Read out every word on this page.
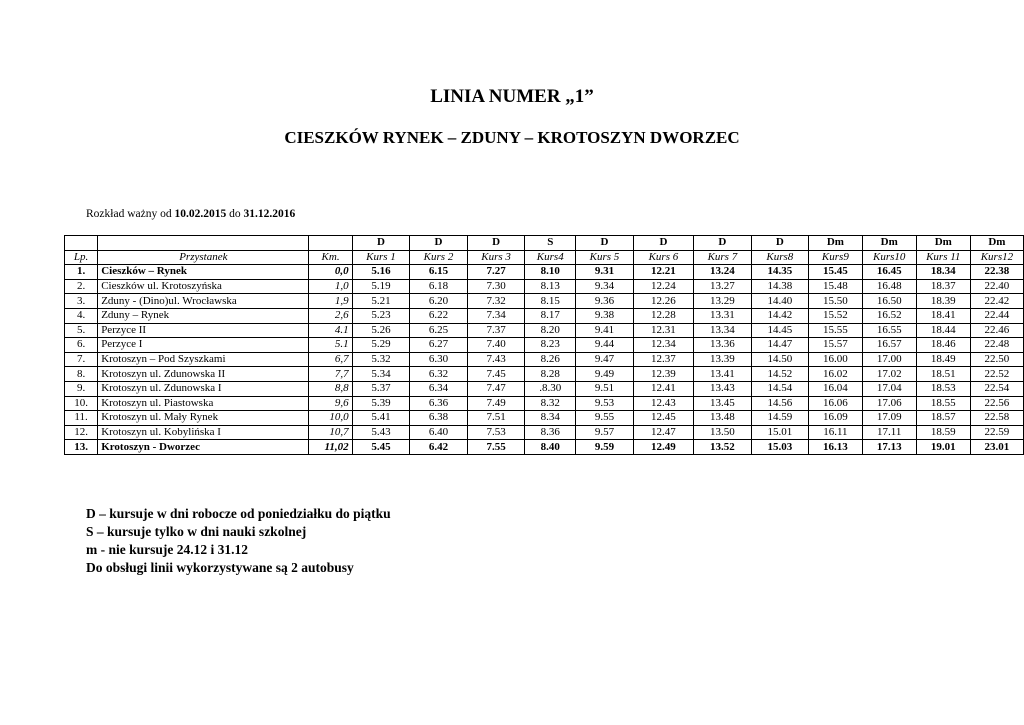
LINIA NUMER „1”
CIESZKÓW RYNEK – ZDUNY – KROTOSZYN DWORZEC
Rozkład ważny od 10.02.2015 do 31.12.2016
			D	D	D	S	D	D	D	D	Dm	Dm	Dm	Dm
Lp.	Przystanek	Km.	Kurs 1	Kurs 2	Kurs 3	Kurs4	Kurs 5	Kurs 6	Kurs 7	Kurs8	Kurs9	Kurs10	Kurs 11	Kurs12
1.	Cieszków – Rynek	0,0	5.16	6.15	7.27	8.10	9.31	12.21	13.24	14.35	15.45	16.45	18.34	22.38
2.	Cieszków ul. Krotoszyńska	1,0	5.19	6.18	7.30	8.13	9.34	12.24	13.27	14.38	15.48	16.48	18.37	22.40
3.	Zduny - (Dino)ul. Wrocławska	1,9	5.21	6.20	7.32	8.15	9.36	12.26	13.29	14.40	15.50	16.50	18.39	22.42
4.	Zduny – Rynek	2,6	5.23	6.22	7.34	8.17	9.38	12.28	13.31	14.42	15.52	16.52	18.41	22.44
5.	Perzyce II	4.1	5.26	6.25	7.37	8.20	9.41	12.31	13.34	14.45	15.55	16.55	18.44	22.46
6.	Perzyce I	5.1	5.29	6.27	7.40	8.23	9.44	12.34	13.36	14.47	15.57	16.57	18.46	22.48
7.	Krotoszyn – Pod Szyszkami	6,7	5.32	6.30	7.43	8.26	9.47	12.37	13.39	14.50	16.00	17.00	18.49	22.50
8.	Krotoszyn ul. Zdunowska II	7,7	5.34	6.32	7.45	8.28	9.49	12.39	13.41	14.52	16.02	17.02	18.51	22.52
9.	Krotoszyn ul. Zdunowska I	8,8	5.37	6.34	7.47	.8.30	9.51	12.41	13.43	14.54	16.04	17.04	18.53	22.54
10.	Krotoszyn ul. Piastowska	9,6	5.39	6.36	7.49	8.32	9.53	12.43	13.45	14.56	16.06	17.06	18.55	22.56
11.	Krotoszyn ul. Mały Rynek	10,0	5.41	6.38	7.51	8.34	9.55	12.45	13.48	14.59	16.09	17.09	18.57	22.58
12.	Krotoszyn ul. Kobylińska I	10,7	5.43	6.40	7.53	8.36	9.57	12.47	13.50	15.01	16.11	17.11	18.59	22.59
13.	Krotoszyn - Dworzec	11,02	5.45	6.42	7.55	8.40	9.59	12.49	13.52	15.03	16.13	17.13	19.01	23.01
D – kursuje w dni robocze od poniedziałku do piątku
S – kursuje tylko w dni nauki szkolnej
m - nie kursuje 24.12 i 31.12
Do obsługi linii wykorzystywane są 2 autobusy
